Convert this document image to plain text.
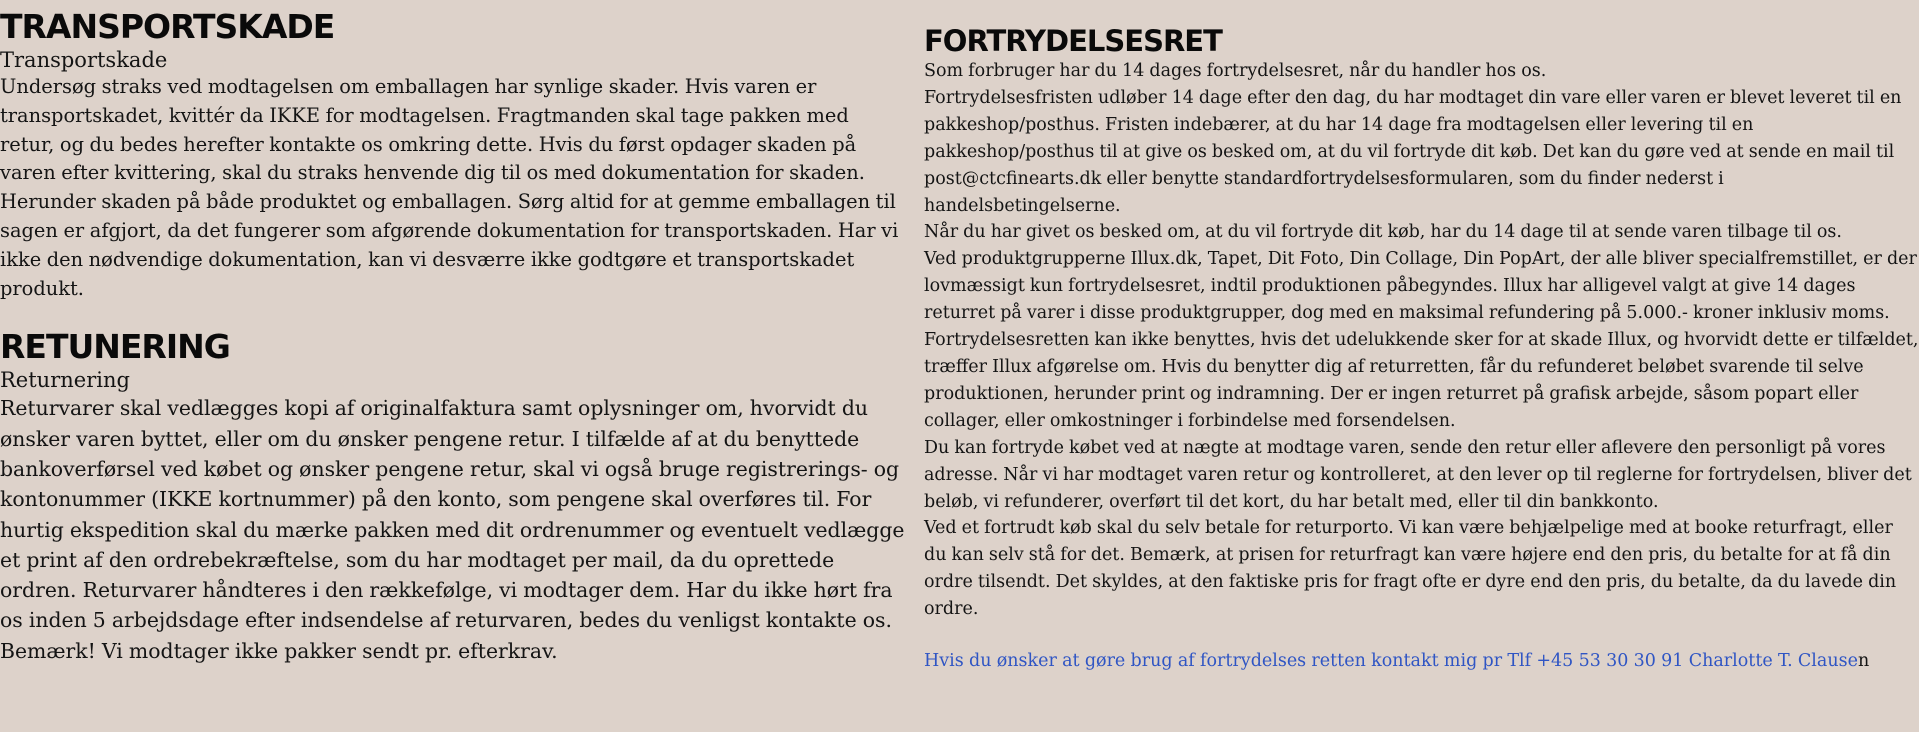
TRANSPORTSKADE
Transportskade

Undersøg straks ved modtagelsen om emballagen har synlige skader. Hvis varen er transportskadet, kvittér da IKKE for modtagelsen. Fragtmanden skal tage pakken med retur, og du bedes herefter kontakte os omkring dette. Hvis du først opdager skaden på varen efter kvittering, skal du straks henvende dig til os med dokumentation for skaden. Herunder skaden på både produktet og emballagen. Sørg altid for at gemme emballagen til sagen er afgjort, da det fungerer som afgørende dokumentation for transportskaden. Har vi ikke den nødvendige dokumentation, kan vi desværre ikke godtgøre et transportskadet produkt.

RETUNERING
Returnering

Returvarer skal vedlægges kopi af originalfaktura samt oplysninger om, hvorvidt du ønsker varen byttet, eller om du ønsker pengene retur. I tilfælde af at du benyttede bankoverførsel ved købet og ønsker pengene retur, skal vi også bruge registrerings- og kontonummer (IKKE kortnummer) på den konto, som pengene skal overføres til. For hurtig ekspedition skal du mærke pakken med dit ordrenummer og eventuelt vedlægge et print af den ordrebekræftelse, som du har modtaget per mail, da du oprettede ordren. Returvarer håndteres i den rækkefølge, vi modtager dem. Har du ikke hørt fra os inden 5 arbejdsdage efter indsendelse af returvaren, bedes du venligst kontakte os.

Bemærk! Vi modtager ikke pakker sendt pr. efterkrav.

FORTRYDELSESRET

Som forbruger har du 14 dages fortrydelsesret, når du handler hos os.

Fortrydelsesfristen udløber 14 dage efter den dag, du har modtaget din vare eller varen er blevet leveret til en pakkeshop/posthus. Fristen indebærer, at du har 14 dage fra modtagelsen eller levering til en pakkeshop/posthus til at give os besked om, at du vil fortryde dit køb. Det kan du gøre ved at sende en mail til post@ctcfinearts.dk eller benytte standardfortrydelsesformularen, som du finder nederst i handelsbetingelserne.

Når du har givet os besked om, at du vil fortryde dit køb, har du 14 dage til at sende varen tilbage til os.

Ved produktgrupperne Illux.dk, Tapet, Dit Foto, Din Collage, Din PopArt, der alle bliver specialfremstillet, er der lovmæssigt kun fortrydelsesret, indtil produktionen påbegyndes. Illux har alligevel valgt at give 14 dages returret på varer i disse produktgrupper, dog med en maksimal refundering på 5.000.- kroner inklusiv moms. Fortrydelsesretten kan ikke benyttes, hvis det udelukkende sker for at skade Illux, og hvorvidt dette er tilfældet, træffer Illux afgørelse om. Hvis du benytter dig af returretten, får du refunderet beløbet svarende til selve produktionen, herunder print og indramning. Der er ingen returret på grafisk arbejde, såsom popart eller collager, eller omkostninger i forbindelse med forsendelsen.

Du kan fortryde købet ved at nægte at modtage varen, sende den retur eller aflevere den personligt på vores adresse. Når vi har modtaget varen retur og kontrolleret, at den lever op til reglerne for fortrydelsen, bliver det beløb, vi refunderer, overført til det kort, du har betalt med, eller til din bankkonto.

Ved et fortrudt køb skal du selv betale for returporto. Vi kan være behjælpelige med at booke returfragt, eller du kan selv stå for det. Bemærk, at prisen for returfragt kan være højere end den pris, du betalte for at få din ordre tilsendt. Det skyldes, at den faktiske pris for fragt ofte er dyre end den pris, du betalte, da du lavede din ordre.

Hvis du ønsker at gøre brug af fortrydelses retten kontakt mig pr Tlf +45 53 30 30 91 Charlotte T. Clausen
